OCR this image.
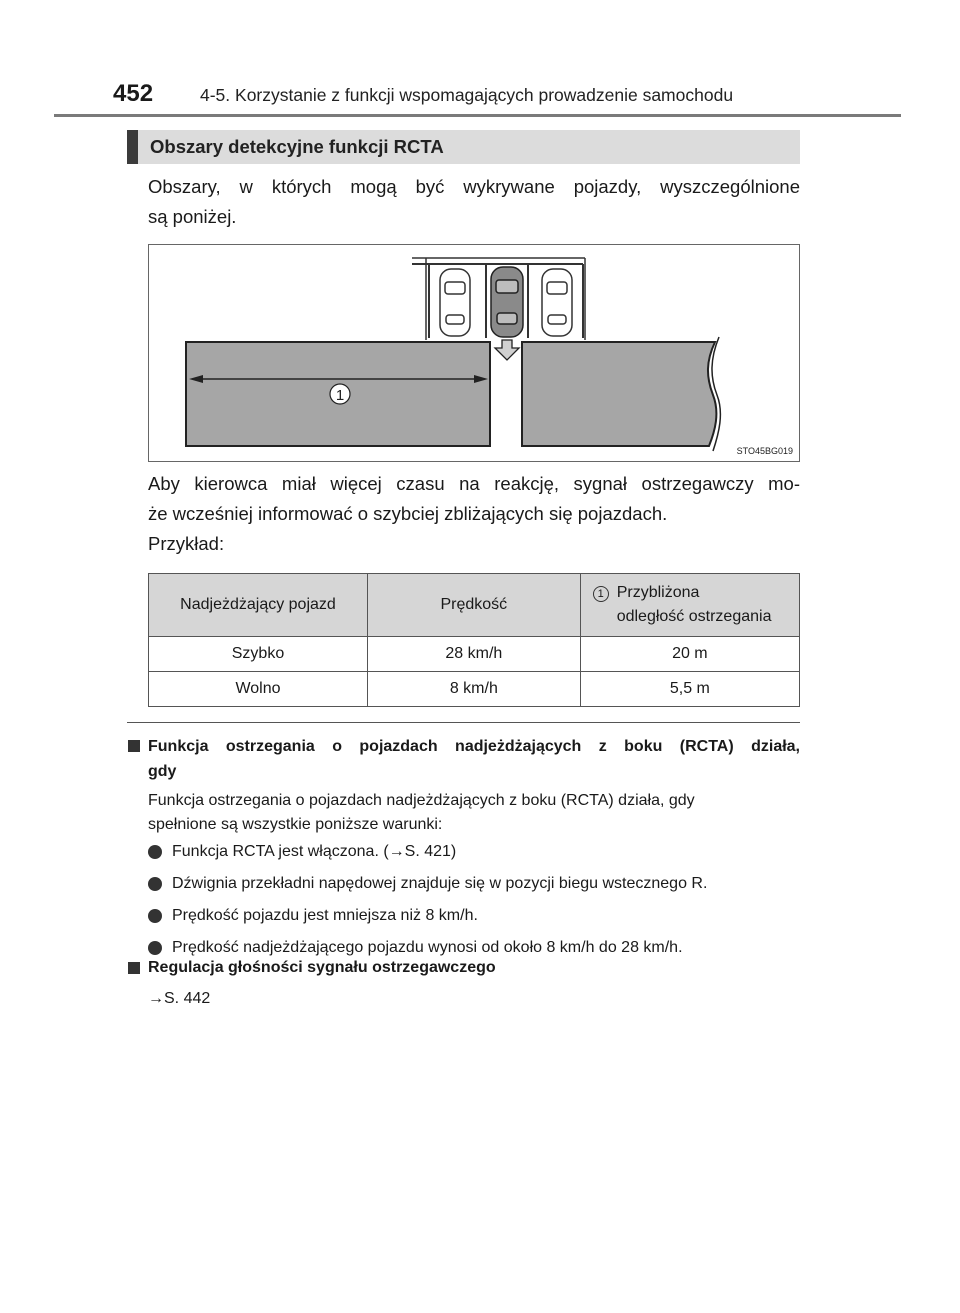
452	4-5. Korzystanie z funkcji wspomagających prowadzenie samochodu
Obszary detekcyjne funkcji RCTA
Obszary, w których mogą być wykrywane pojazdy, wyszczególnione
są poniżej.
1
STO45BG019
Aby kierowca miał więcej czasu na reakcję, sygnał ostrzegawczy mo-
że wcześniej informować o szybciej zbliżających się pojazdach.
Przykład:
Nadjeżdżający pojazd	Prędkość	1 Przybliżona
odległość ostrzegania

Szybko	28 km/h	20 m
Wolno	8 km/h	5,5 m
Funkcja ostrzegania o pojazdach nadjeżdżających z boku (RCTA) działa,
gdy
Funkcja ostrzegania o pojazdach nadjeżdżających z boku (RCTA) działa, gdy
spełnione są wszystkie poniższe warunki:
Funkcja RCTA jest włączona. (→S. 421)
Dźwignia przekładni napędowej znajduje się w pozycji biegu wstecznego R.
Prędkość pojazdu jest mniejsza niż 8 km/h.
Prędkość nadjeżdżającego pojazdu wynosi od około 8 km/h do 28 km/h.
Regulacja głośności sygnału ostrzegawczego
→S. 442
